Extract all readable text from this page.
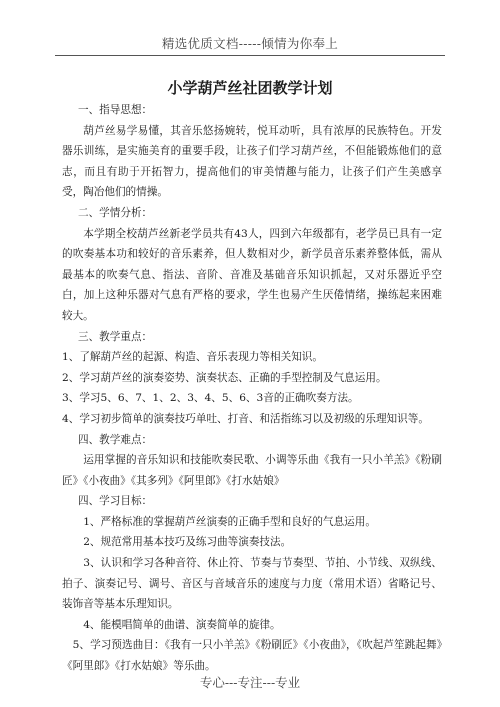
精选优质文档-----倾情为你奉上
小学葫芦丝社团教学计划

一、指导思想：

葫芦丝易学易懂，其音乐悠扬婉转，悦耳动听，具有浓厚的民族特色。开发器乐训练，是实施美育的重要手段，让孩子们学习葫芦丝，不但能锻炼他们的意志，而且有助于开拓智力，提高他们的审美情趣与能力，让孩子们产生美感享受，陶冶他们的情操。

二、学情分析：

本学期全校葫芦丝新老学员共有43人，四到六年级都有，老学员已具有一定的吹奏基本功和较好的音乐素养，但人数相对少，新学员音乐素养整体低，需从最基本的吹奏气息、指法、音阶、音准及基础音乐知识抓起，又对乐器近乎空白，加上这种乐器对气息有严格的要求，学生也易产生厌倦情绪，操练起来困难较大。

三、教学重点：

1、了解葫芦丝的起源、构造、音乐表现力等相关知识。

2、学习葫芦丝的演奏姿势、演奏状态、正确的手型控制及气息运用。

3、学习5、6、7、1、2、3、4、5、6、3音的正确吹奏方法。

4、学习初步简单的演奏技巧单吐、打音、和活指练习以及初级的乐理知识等。

四、教学难点：

运用掌握的音乐知识和技能吹奏民歌、小调等乐曲《我有一只小羊羔》《粉刷匠》《小夜曲》《其多列》《阿里郎》《打水姑娘》

四、学习目标：

1、严格标准的掌握葫芦丝演奏的正确手型和良好的气息运用。

2、规范常用基本技巧及练习曲等演奏技法。

3、认识和学习各种音符、休止符、节奏与节奏型、节拍、小节线、双纵线、拍子、演奏记号、调号、音区与音域音乐的速度与力度（常用术语）省略记号、装饰音等基本乐理知识。

4、能模唱简单的曲谱、演奏简单的旋律。

5、学习预选曲目：《我有一只小羊羔》《粉刷匠》《小夜曲》，《吹起芦笙跳起舞》《阿里郎》《打水姑娘》等乐曲。

专心---专注---专业
